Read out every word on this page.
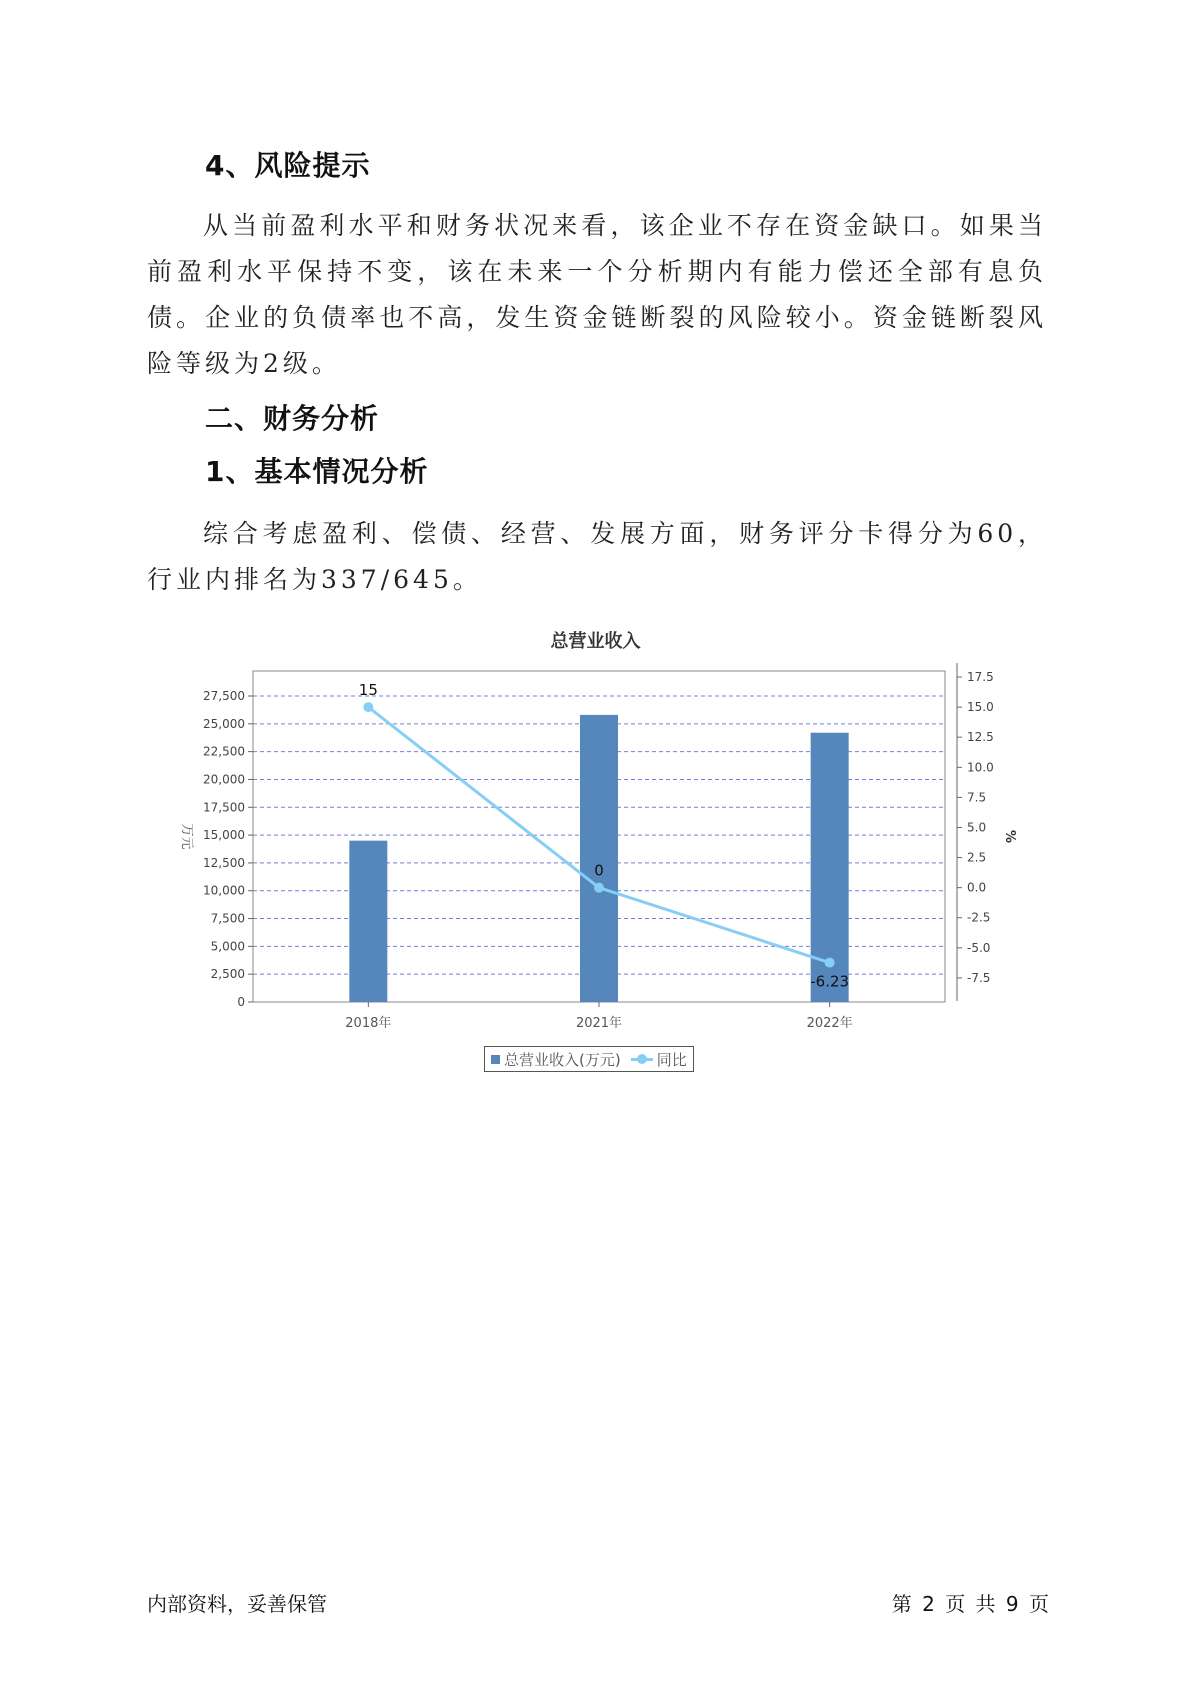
4、风险提示

从当前盈利水平和财务状况来看，该企业不存在资金缺口。如果当前盈利水平保持不变，该在未来一个分析期内有能力偿还全部有息负债。企业的负债率也不高，发生资金链断裂的风险较小。资金链断裂风险等级为2级。

二、财务分析
1、基本情况分析

综合考虑盈利、偿债、经营、发展方面，财务评分卡得分为60，行业内排名为337/645。

总营业收入
0
2,500
5,000
7,500
10,000
12,500
15,000
17,500
20,000
22,500
25,000
27,500
-7.5
-5.0
-2.5
0.0
2.5
5.0
7.5
10.0
12.5
15.0
17.5
万元	%
2018年	2021年	2022年
15
0
-6.23
总营业收入(万元) 同比
内部资料，妥善保管	第 2 页 共 9 页
